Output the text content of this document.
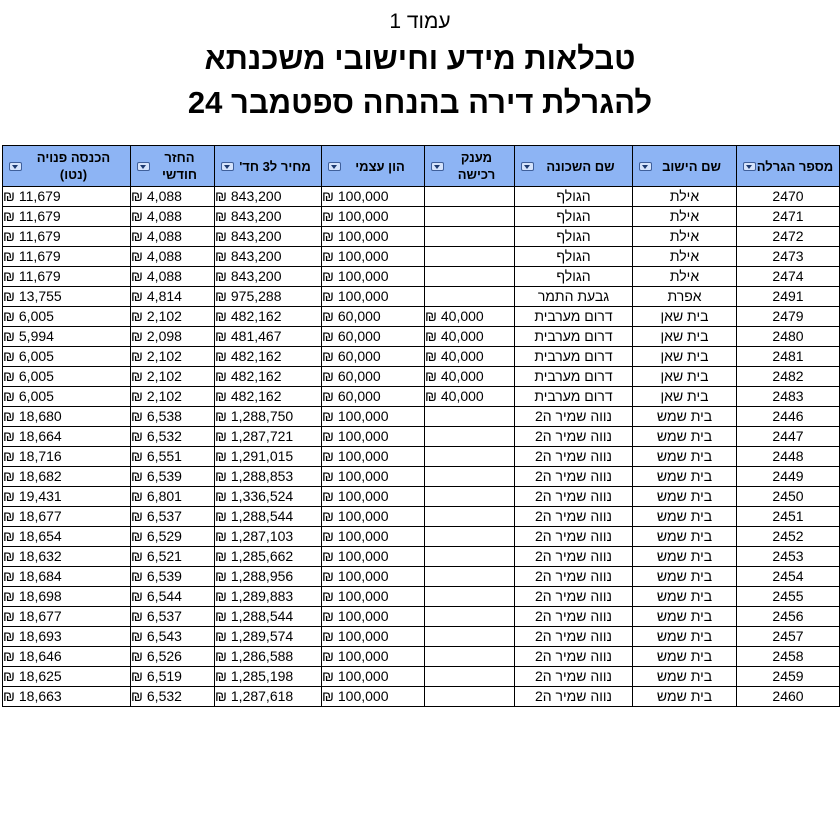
עמוד 1
טבלאות מידע וחישובי משכנתא
להגרלת דירה בהנחה ספטמבר 24
מספר הגרלה	שם הישוב	שם השכונה	מענק רכישה	הון עצמי	מחיר ל3 חד'	החזר חודשי	הכנסה פנויה (נטו)

2470	אילת	הגולף		100,000₪	843,200₪	4,088₪	11,679₪
2471	אילת	הגולף		100,000₪	843,200₪	4,088₪	11,679₪
2472	אילת	הגולף		100,000₪	843,200₪	4,088₪	11,679₪
2473	אילת	הגולף		100,000₪	843,200₪	4,088₪	11,679₪
2474	אילת	הגולף		100,000₪	843,200₪	4,088₪	11,679₪
2491	אפרת	גבעת התמר		100,000₪	975,288₪	4,814₪	13,755₪
2479	בית שאן	דרום מערבית	40,000₪	60,000₪	482,162₪	2,102₪	6,005₪
2480	בית שאן	דרום מערבית	40,000₪	60,000₪	481,467₪	2,098₪	5,994₪
2481	בית שאן	דרום מערבית	40,000₪	60,000₪	482,162₪	2,102₪	6,005₪
2482	בית שאן	דרום מערבית	40,000₪	60,000₪	482,162₪	2,102₪	6,005₪
2483	בית שאן	דרום מערבית	40,000₪	60,000₪	482,162₪	2,102₪	6,005₪
2446	בית שמש	נווה שמיר ה2		100,000₪	1,288,750₪	6,538₪	18,680₪
2447	בית שמש	נווה שמיר ה2		100,000₪	1,287,721₪	6,532₪	18,664₪
2448	בית שמש	נווה שמיר ה2		100,000₪	1,291,015₪	6,551₪	18,716₪
2449	בית שמש	נווה שמיר ה2		100,000₪	1,288,853₪	6,539₪	18,682₪
2450	בית שמש	נווה שמיר ה2		100,000₪	1,336,524₪	6,801₪	19,431₪
2451	בית שמש	נווה שמיר ה2		100,000₪	1,288,544₪	6,537₪	18,677₪
2452	בית שמש	נווה שמיר ה2		100,000₪	1,287,103₪	6,529₪	18,654₪
2453	בית שמש	נווה שמיר ה2		100,000₪	1,285,662₪	6,521₪	18,632₪
2454	בית שמש	נווה שמיר ה2		100,000₪	1,288,956₪	6,539₪	18,684₪
2455	בית שמש	נווה שמיר ה2		100,000₪	1,289,883₪	6,544₪	18,698₪
2456	בית שמש	נווה שמיר ה2		100,000₪	1,288,544₪	6,537₪	18,677₪
2457	בית שמש	נווה שמיר ה2		100,000₪	1,289,574₪	6,543₪	18,693₪
2458	בית שמש	נווה שמיר ה2		100,000₪	1,286,588₪	6,526₪	18,646₪
2459	בית שמש	נווה שמיר ה2		100,000₪	1,285,198₪	6,519₪	18,625₪
2460	בית שמש	נווה שמיר ה2		100,000₪	1,287,618₪	6,532₪	18,663₪
